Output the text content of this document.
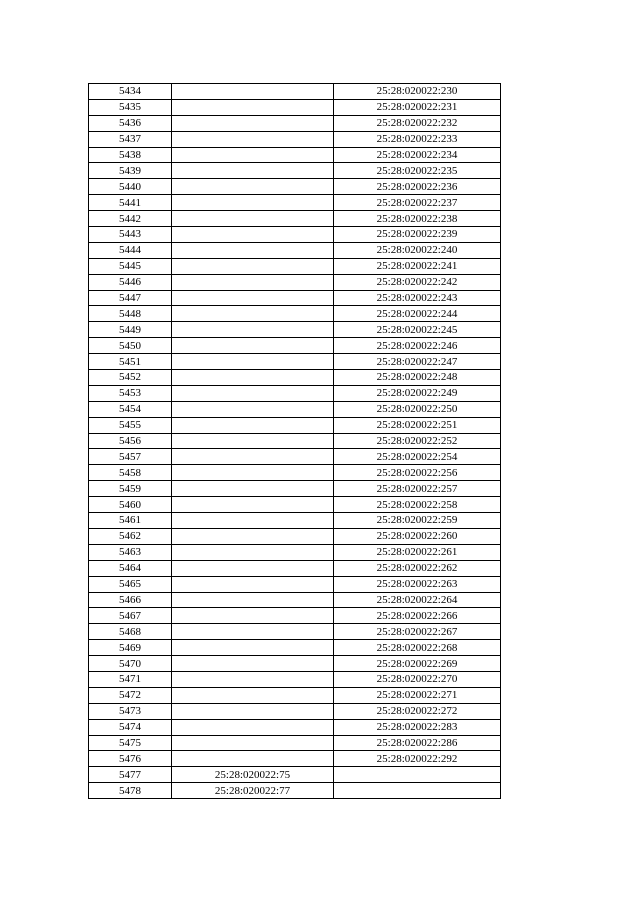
5434		25:28:020022:230
5435		25:28:020022:231
5436		25:28:020022:232
5437		25:28:020022:233
5438		25:28:020022:234
5439		25:28:020022:235
5440		25:28:020022:236
5441		25:28:020022:237
5442		25:28:020022:238
5443		25:28:020022:239
5444		25:28:020022:240
5445		25:28:020022:241
5446		25:28:020022:242
5447		25:28:020022:243
5448		25:28:020022:244
5449		25:28:020022:245
5450		25:28:020022:246
5451		25:28:020022:247
5452		25:28:020022:248
5453		25:28:020022:249
5454		25:28:020022:250
5455		25:28:020022:251
5456		25:28:020022:252
5457		25:28:020022:254
5458		25:28:020022:256
5459		25:28:020022:257
5460		25:28:020022:258
5461		25:28:020022:259
5462		25:28:020022:260
5463		25:28:020022:261
5464		25:28:020022:262
5465		25:28:020022:263
5466		25:28:020022:264
5467		25:28:020022:266
5468		25:28:020022:267
5469		25:28:020022:268
5470		25:28:020022:269
5471		25:28:020022:270
5472		25:28:020022:271
5473		25:28:020022:272
5474		25:28:020022:283
5475		25:28:020022:286
5476		25:28:020022:292
5477	25:28:020022:75	
5478	25:28:020022:77	
